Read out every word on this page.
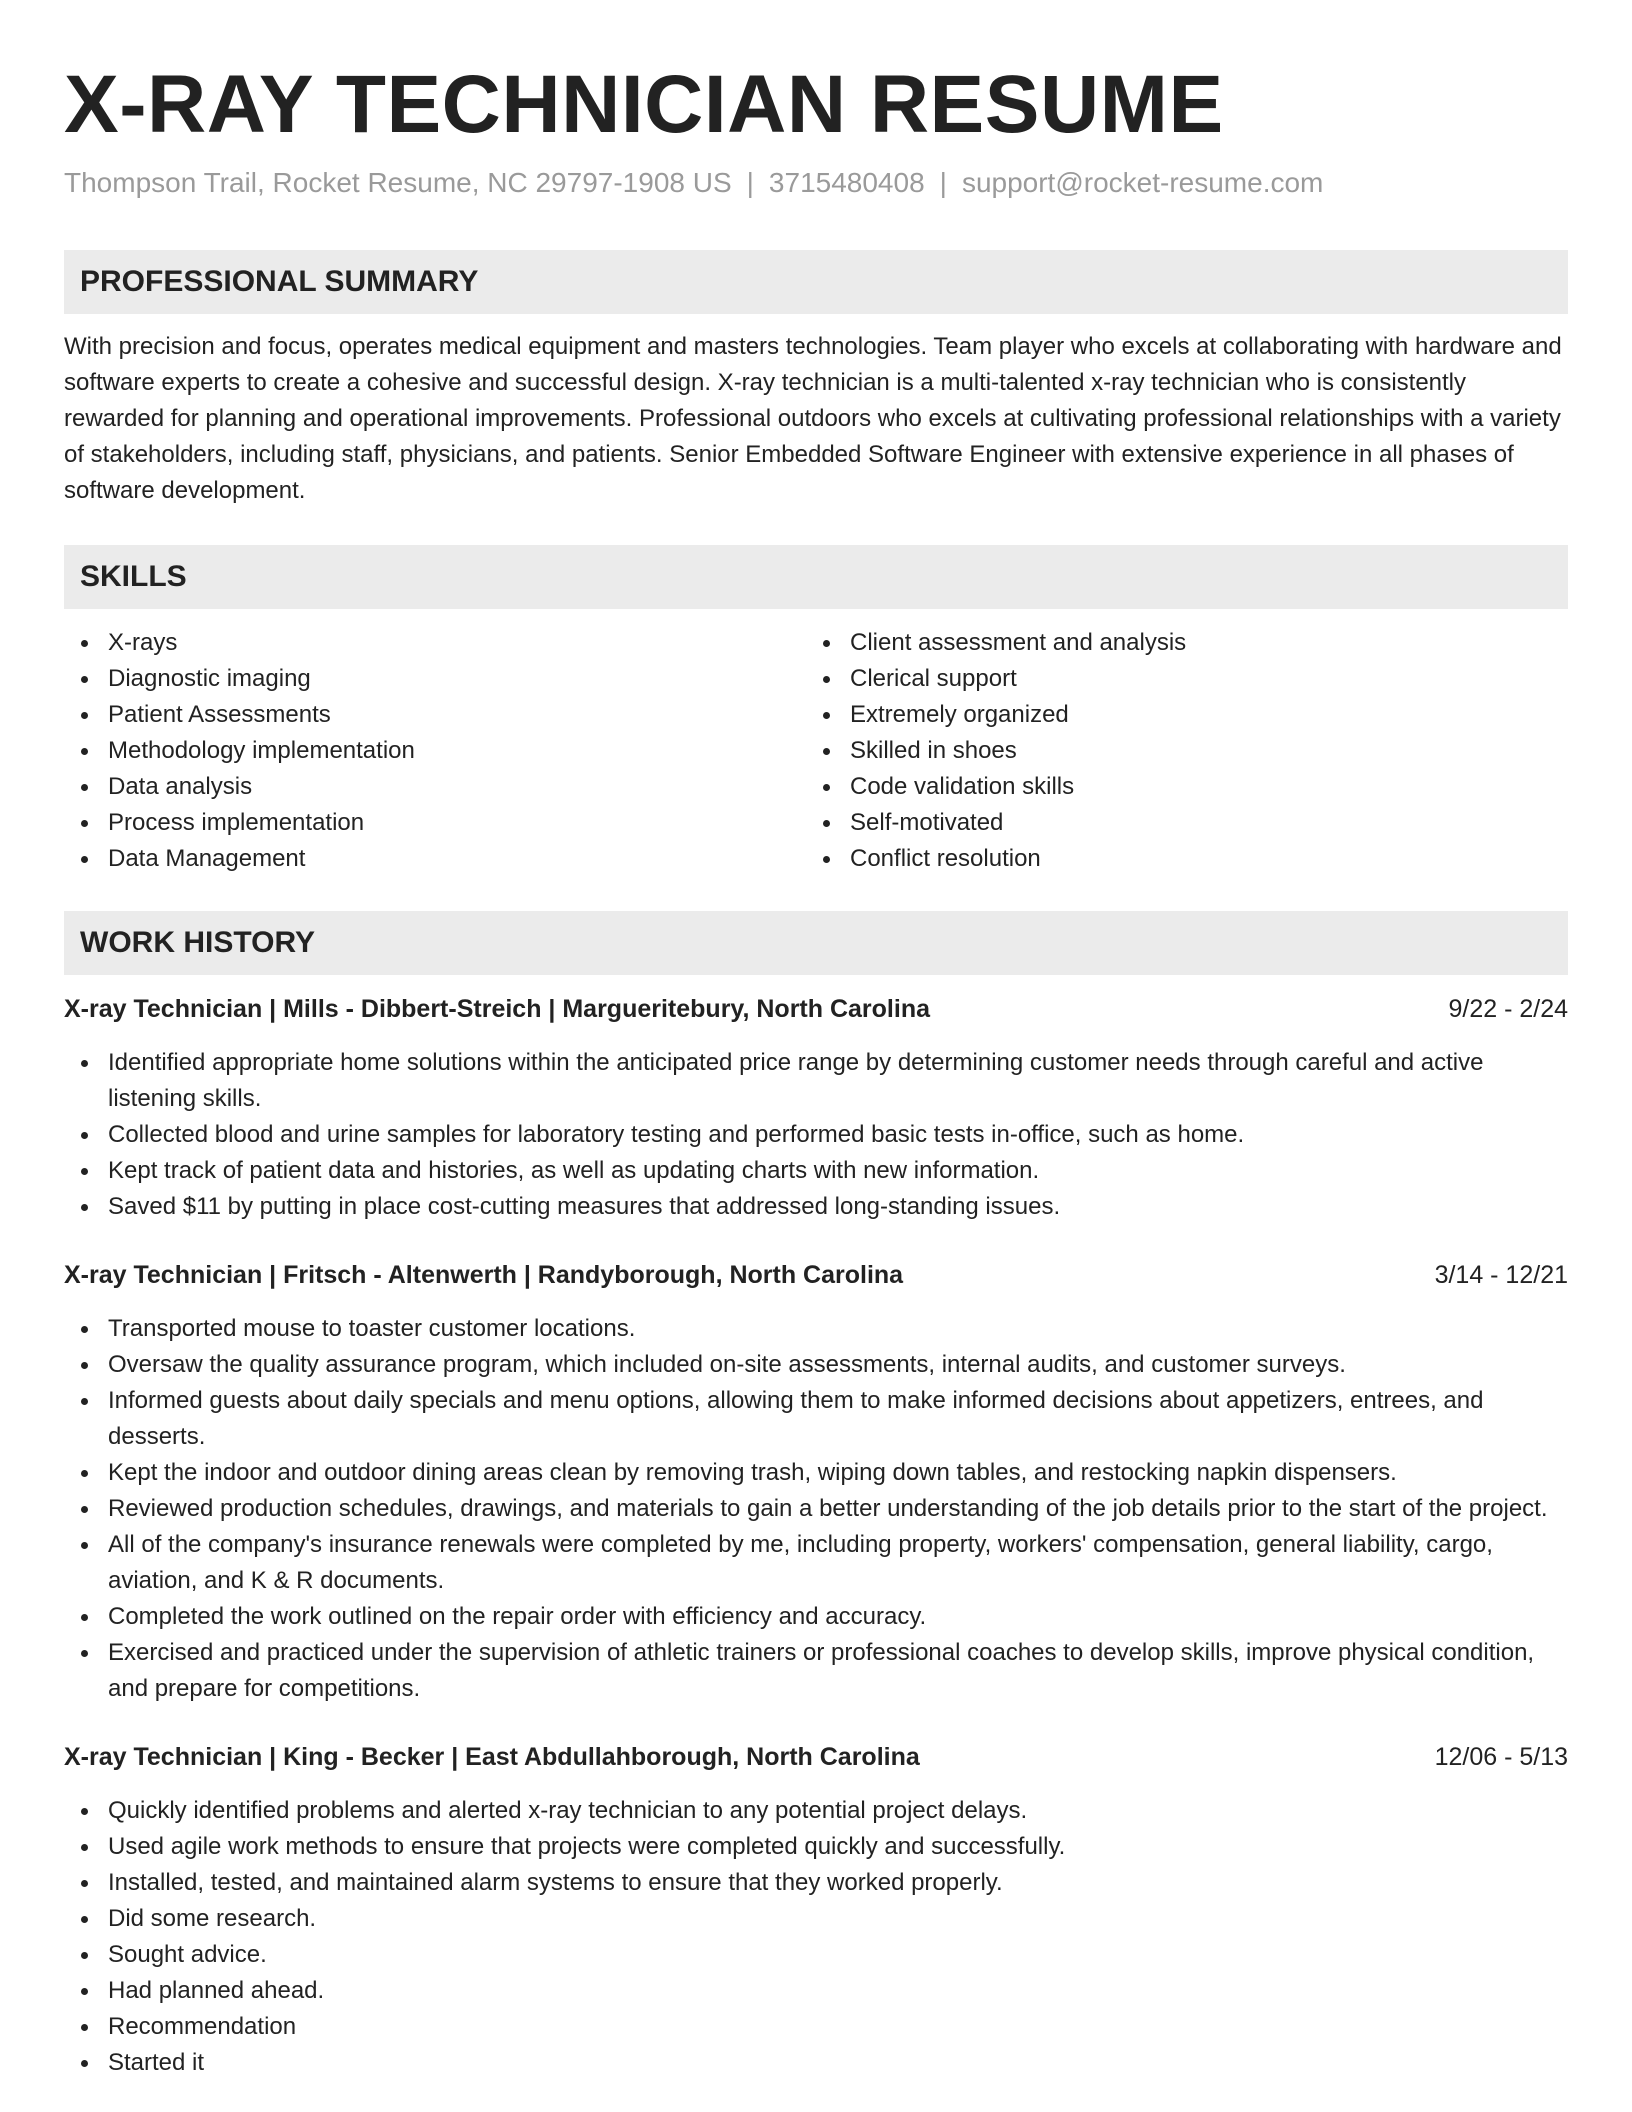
X-RAY TECHNICIAN RESUME
Thompson Trail, Rocket Resume, NC 29797-1908 US | 3715480408 | support@rocket-resume.com
PROFESSIONAL SUMMARY
With precision and focus, operates medical equipment and masters technologies. Team player who excels at collaborating with hardware and software experts to create a cohesive and successful design. X-ray technician is a multi-talented x-ray technician who is consistently rewarded for planning and operational improvements. Professional outdoors who excels at cultivating professional relationships with a variety of stakeholders, including staff, physicians, and patients. Senior Embedded Software Engineer with extensive experience in all phases of software development.
SKILLS
X-rays
Diagnostic imaging
Patient Assessments
Methodology implementation
Data analysis
Process implementation
Data Management
Client assessment and analysis
Clerical support
Extremely organized
Skilled in shoes
Code validation skills
Self-motivated
Conflict resolution
WORK HISTORY
X-ray Technician | Mills - Dibbert-Streich | Margueritebury, North Carolina	9/22 - 2/24
Identified appropriate home solutions within the anticipated price range by determining customer needs through careful and active listening skills.
Collected blood and urine samples for laboratory testing and performed basic tests in-office, such as home.
Kept track of patient data and histories, as well as updating charts with new information.
Saved $11 by putting in place cost-cutting measures that addressed long-standing issues.
X-ray Technician | Fritsch - Altenwerth | Randyborough, North Carolina	3/14 - 12/21
Transported mouse to toaster customer locations.
Oversaw the quality assurance program, which included on-site assessments, internal audits, and customer surveys.
Informed guests about daily specials and menu options, allowing them to make informed decisions about appetizers, entrees, and desserts.
Kept the indoor and outdoor dining areas clean by removing trash, wiping down tables, and restocking napkin dispensers.
Reviewed production schedules, drawings, and materials to gain a better understanding of the job details prior to the start of the project.
All of the company's insurance renewals were completed by me, including property, workers' compensation, general liability, cargo, aviation, and K & R documents.
Completed the work outlined on the repair order with efficiency and accuracy.
Exercised and practiced under the supervision of athletic trainers or professional coaches to develop skills, improve physical condition, and prepare for competitions.
X-ray Technician | King - Becker | East Abdullahborough, North Carolina	12/06 - 5/13
Quickly identified problems and alerted x-ray technician to any potential project delays.
Used agile work methods to ensure that projects were completed quickly and successfully.
Installed, tested, and maintained alarm systems to ensure that they worked properly.
Did some research.
Sought advice.
Had planned ahead.
Recommendation
Started it
